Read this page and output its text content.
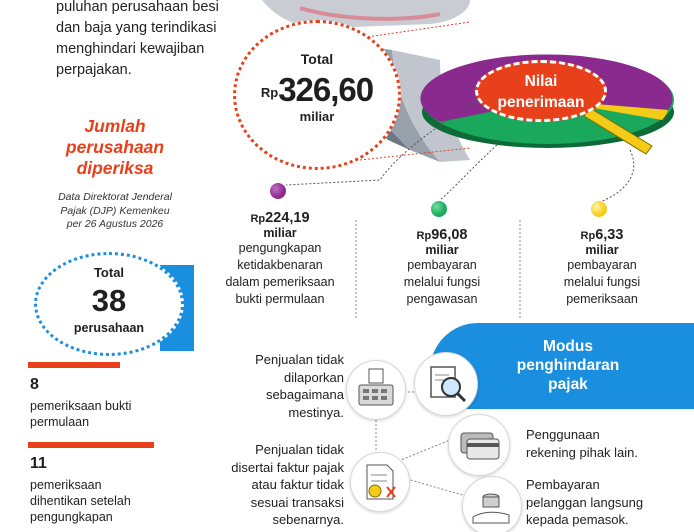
puluhan perusahaan besi
dan baja yang terindikasi
menghindari kewajiban
perpajakan.
Total
$^{Rp}$326,60
miliar
Nilai
penerimaan
Rp224,19
miliar
pengungkapan
ketidakbenaran
dalam pemeriksaan
bukti permulaan
Rp96,08
miliar
pembayaran
melalui fungsi
pengawasan
Rp6,33
miliar
pembayaran
melalui fungsi
pemeriksaan
Jumlah
perusahaan
diperiksa
Data Direktorat Jenderal
Pajak (DJP) Kemenkeu
per 26 Agustus 2026
Total
38
perusahaan
8
pemeriksaan bukti
permulaan
11
pemeriksaan
dihentikan setelah
pengungkapan
Modus
penghindaran
pajak
Penjualan tidak
dilaporkan
sebagaimana
mestinya.
Penjualan tidak
disertai faktur pajak
atau faktur tidak
sesuai transaksi
sebenarnya.
Penggunaan
rekening pihak lain.
Pembayaran
pelanggan langsung
kepada pemasok.
